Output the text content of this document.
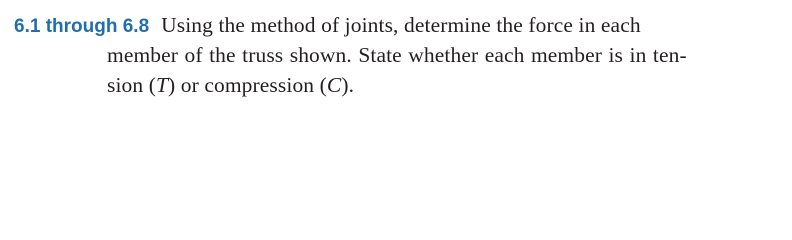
6.1 through 6.8 Using the method of joints, determine the force in each
member of the truss shown. State whether each member is in ten-
sion (T) or compression (C).
